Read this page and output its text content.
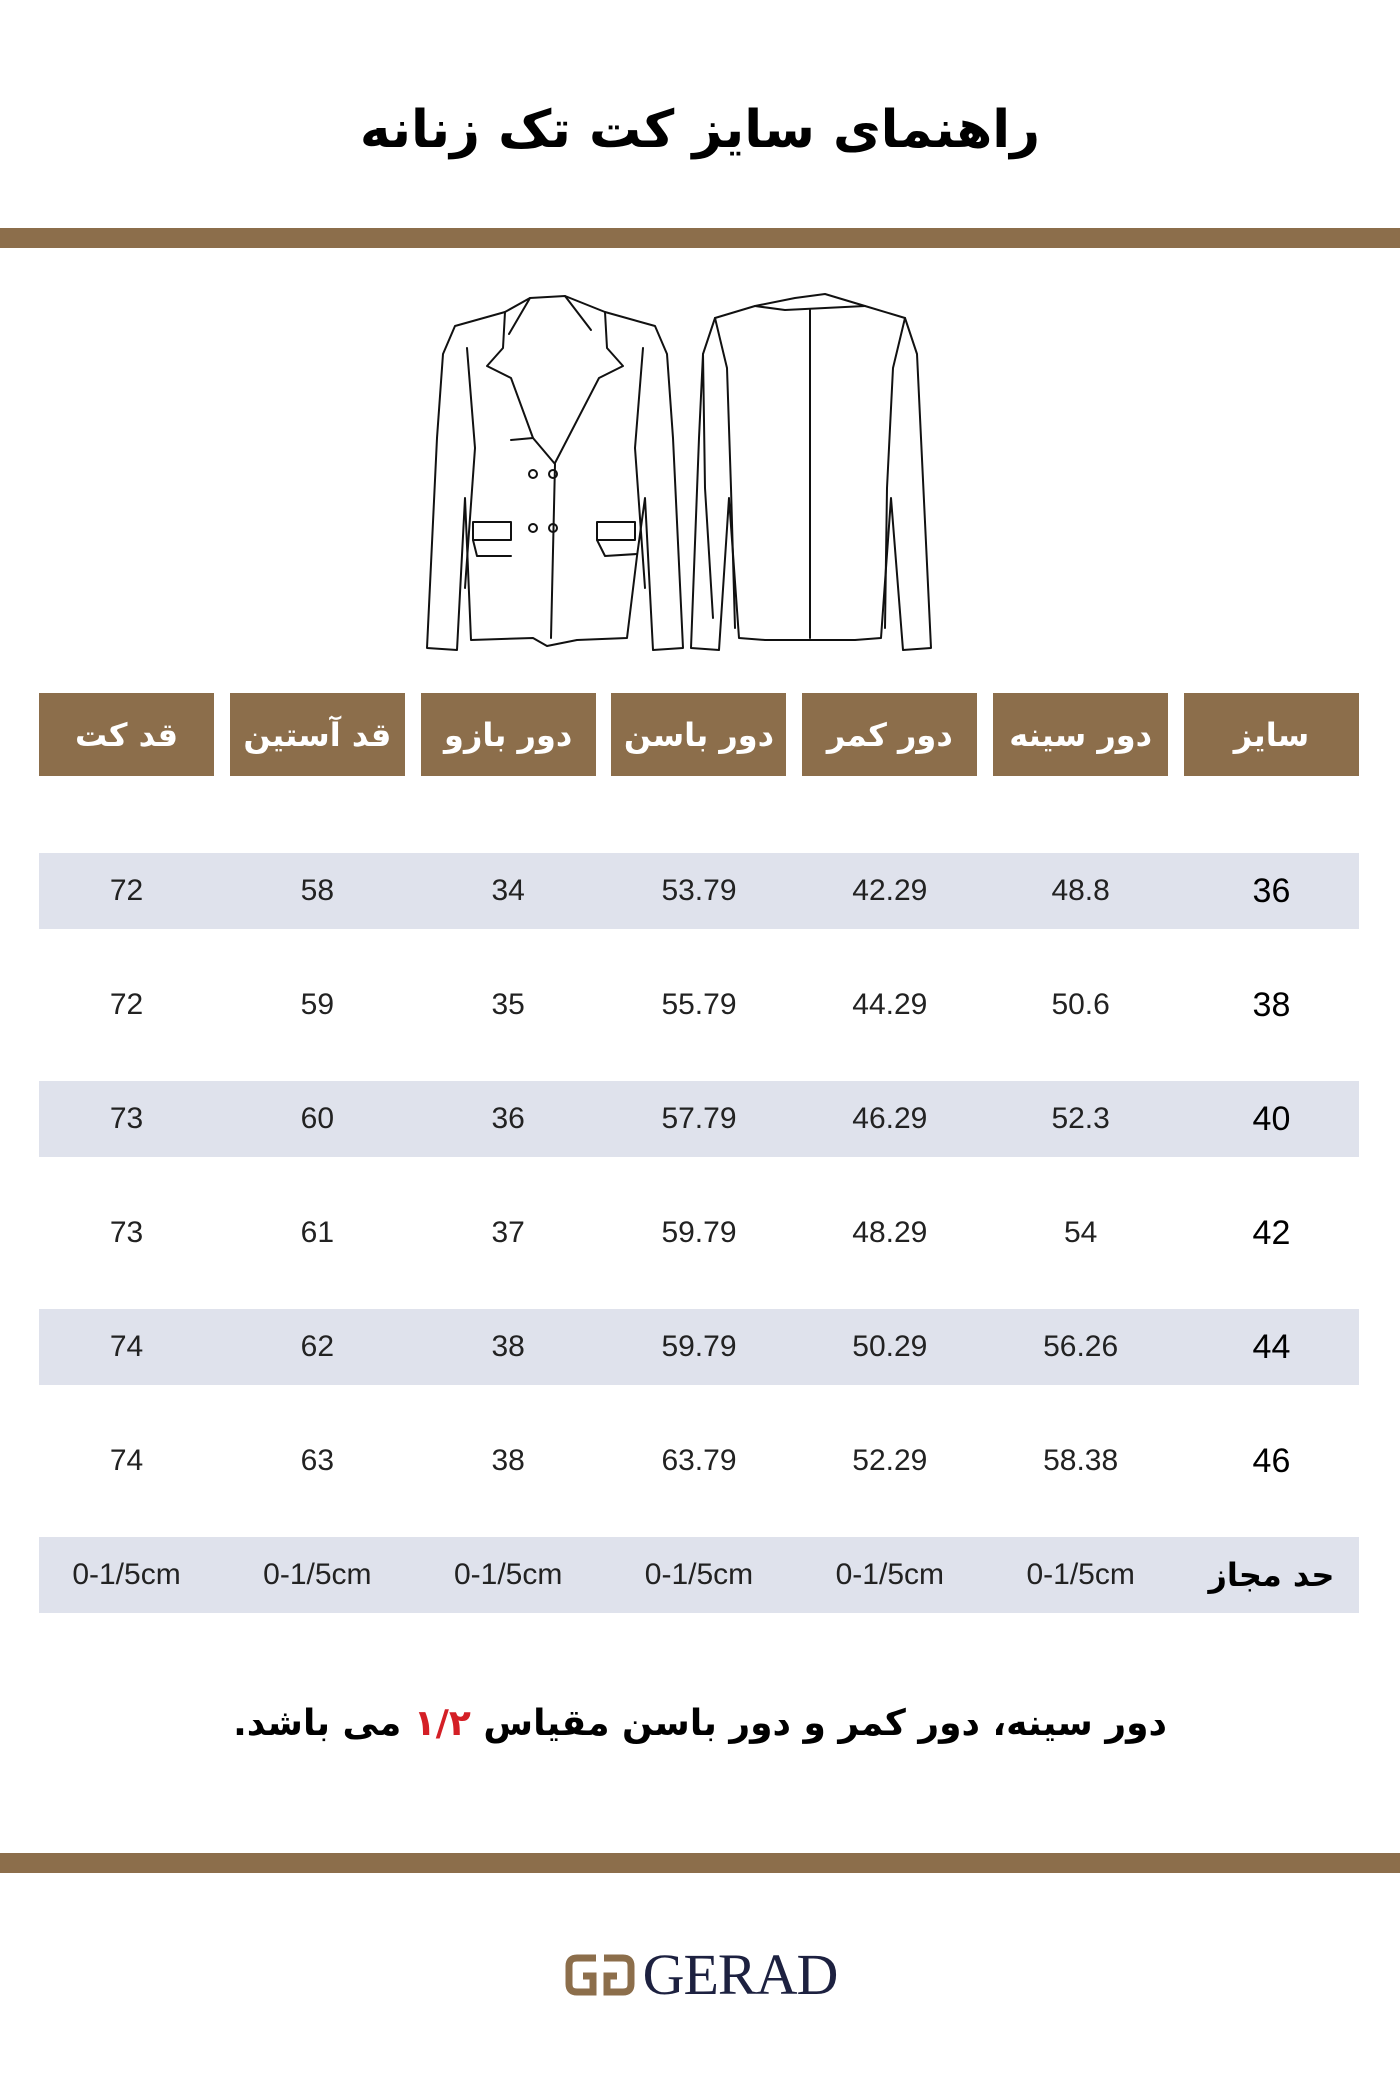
راهنمای سایز کت تک زنانه
سایز
دور سینه
دور کمر
دور باسن
دور بازو
قد آستین
قد کت
36
48.8
42.29
53.79
34
58
72
38
50.6
44.29
55.79
35
59
72
40
52.3
46.29
57.79
36
60
73
42
54
48.29
59.79
37
61
73
44
56.26
50.29
59.79
38
62
74
46
58.38
52.29
63.79
38
63
74
حد مجاز
0-1/5cm
0-1/5cm
0-1/5cm
0-1/5cm
0-1/5cm
0-1/5cm
دور سینه، دور کمر و دور باسن مقیاس ۱/۲ می باشد.
GERAD
